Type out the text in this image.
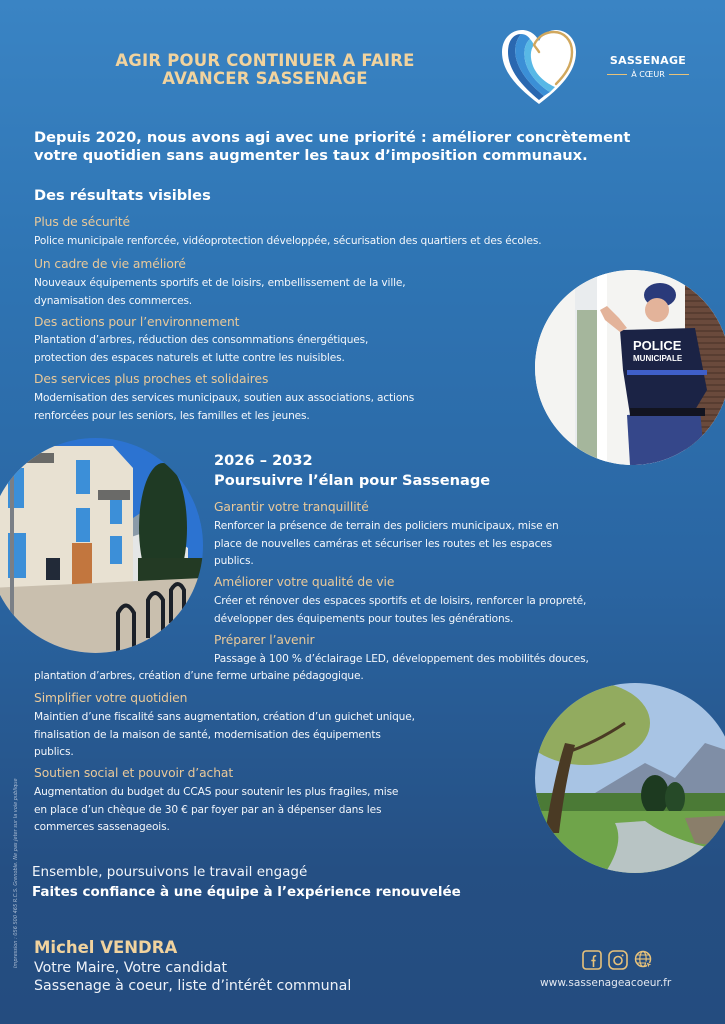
AGIR POUR CONTINUER A FAIRE
AVANCER SASSENAGE
SASSENAGE
À CŒUR
Depuis 2020, nous avons agi avec une priorité : améliorer concrètement
votre quotidien sans augmenter les taux d’imposition communaux.
Des résultats visibles
Plus de sécurité
Police municipale renforcée, vidéoprotection développée, sécurisation des quartiers et des écoles.
Un cadre de vie amélioré
Nouveaux équipements sportifs et de loisirs, embellissement de la ville,
dynamisation des commerces.
Des actions pour l’environnement
Plantation d’arbres, réduction des consommations énergétiques,
protection des espaces naturels et lutte contre les nuisibles.
Des services plus proches et solidaires
Modernisation des services municipaux, soutien aux associations, actions
renforcées pour les seniors, les familles et les jeunes.
POLICE
MUNICIPALE
2026 – 2032
Poursuivre l’élan pour Sassenage
Garantir votre tranquillité
Renforcer la présence de terrain des policiers municipaux, mise en
place de nouvelles caméras et sécuriser les routes et les espaces
publics.
Améliorer votre qualité de vie
Créer et rénover des espaces sportifs et de loisirs, renforcer la propreté,
développer des équipements pour toutes les générations.
Préparer l’avenir
Passage à 100 % d’éclairage LED, développement des mobilités douces,
plantation d’arbres, création d’une ferme urbaine pédagogique.
Simplifier votre quotidien
Maintien d’une fiscalité sans augmentation, création d’un guichet unique,
finalisation de la maison de santé, modernisation des équipements
publics.
Soutien social et pouvoir d’achat
Augmentation du budget du CCAS pour soutenir les plus fragiles, mise
en place d’un chèque de 30 € par foyer par an à dépenser dans les
commerces sassenageois.
Ensemble, poursuivons le travail engagé
Faites confiance à une équipe à l’expérience renouvelée
Michel VENDRA
Votre Maire, Votre candidat
Sassenage à coeur, liste d’intérêt communal	www.sassenageacoeur.fr
Impression : 056 500 465 R.C.S. Grenoble. Ne pas jeter sur la voie publique
